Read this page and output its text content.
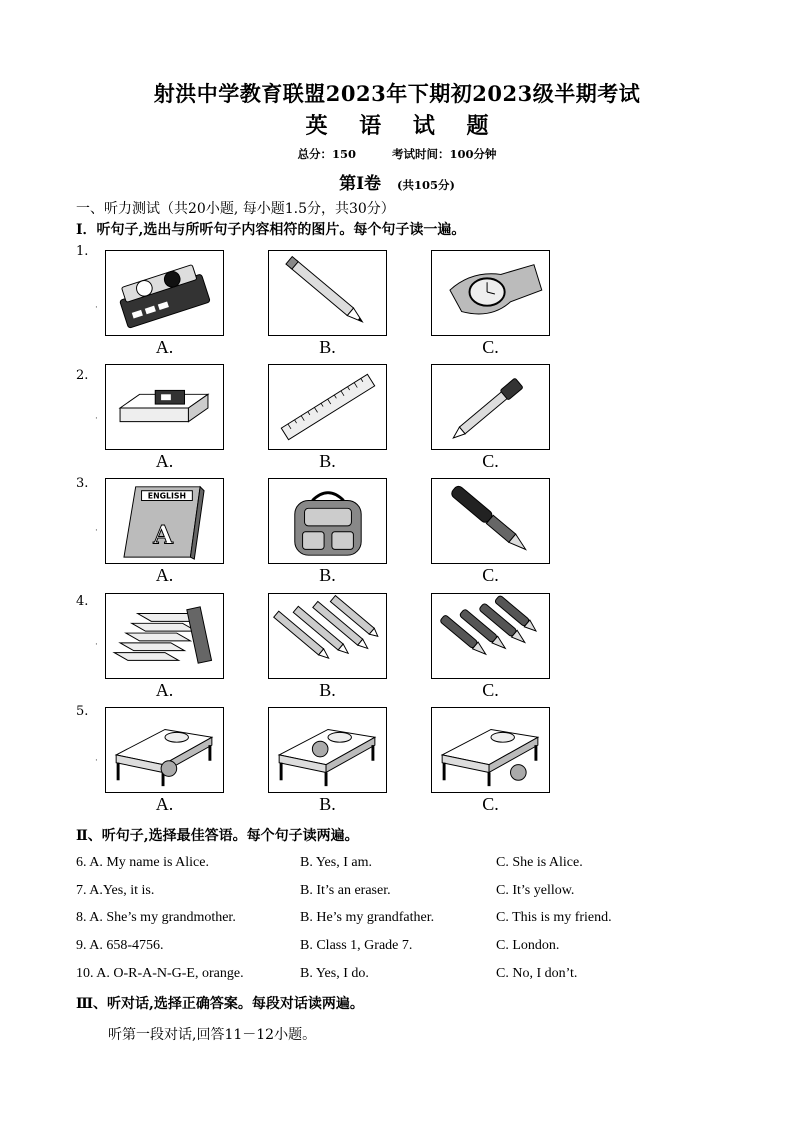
射洪中学教育联盟2023年下期初2023级半期考试
英 语 试 题
总分：150	考试时间：100分钟
第Ⅰ卷 (共105分)
一、听力测试（共20小题, 每小题1.5分，共30分）
Ⅰ．听句子,选出与所听句子内容相符的图片。每个句子读一遍。
1.
·
A.	B.	C.
2.
·
A.	B.	C.
3.
·
ENGLISH
A
A.	B.	C.
4.
·
A.	B.	C.
5.
·
A.	B.	C.
Ⅱ、听句子,选择最佳答语。每个句子读两遍。
6. A. My name is Alice.	B. Yes, I am.	C. She is Alice.
7. A.Yes, it is.	B. It’s an eraser.	C. It’s yellow.
8. A. She’s my grandmother.	B. He’s my grandfather.	C. This is my friend.
9. A. 658-4756.	B. Class 1, Grade 7.	C. London.
10. A. O-R-A-N-G-E, orange.	B. Yes, I do.	C. No, I don’t.
Ⅲ、听对话,选择正确答案。每段对话读两遍。
听第一段对话,回答11－12小题。
